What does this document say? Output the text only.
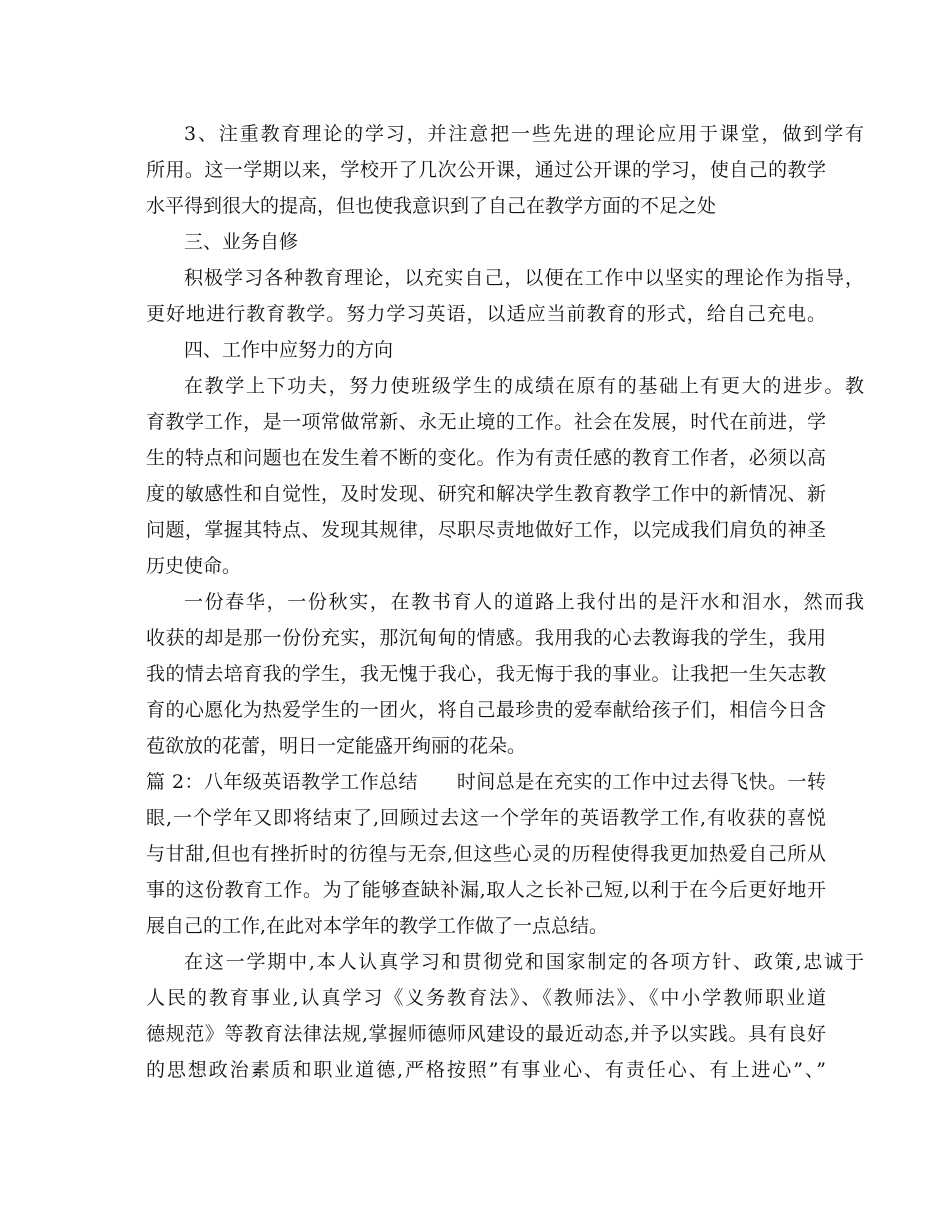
3、注重教育理论的学习，并注意把一些先进的理论应用于课堂，做到学有
所用。这一学期以来，学校开了几次公开课，通过公开课的学习，使自己的教学
水平得到很大的提高，但也使我意识到了自己在教学方面的不足之处
三、业务自修
积极学习各种教育理论，以充实自己，以便在工作中以坚实的理论作为指导，
更好地进行教育教学。努力学习英语，以适应当前教育的形式，给自己充电。
四、工作中应努力的方向
在教学上下功夫，努力使班级学生的成绩在原有的基础上有更大的进步。教
育教学工作，是一项常做常新、永无止境的工作。社会在发展，时代在前进，学
生的特点和问题也在发生着不断的变化。作为有责任感的教育工作者，必须以高
度的敏感性和自觉性，及时发现、研究和解决学生教育教学工作中的新情况、新
问题，掌握其特点、发现其规律，尽职尽责地做好工作，以完成我们肩负的神圣
历史使命。
一份春华，一份秋实，在教书育人的道路上我付出的是汗水和泪水，然而我
收获的却是那一份份充实，那沉甸甸的情感。我用我的心去教诲我的学生，我用
我的情去培育我的学生，我无愧于我心，我无悔于我的事业。让我把一生矢志教
育的心愿化为热爱学生的一团火，将自己最珍贵的爱奉献给孩子们，相信今日含
苞欲放的花蕾，明日一定能盛开绚丽的花朵。
篇 2：八年级英语教学工作总结　　时间总是在充实的工作中过去得飞快。一转
眼,一个学年又即将结束了,回顾过去这一个学年的英语教学工作,有收获的喜悦
与甘甜,但也有挫折时的彷徨与无奈,但这些心灵的历程使得我更加热爱自己所从
事的这份教育工作。为了能够查缺补漏,取人之长补己短,以利于在今后更好地开
展自己的工作,在此对本学年的教学工作做了一点总结。
在这一学期中,本人认真学习和贯彻党和国家制定的各项方针、政策,忠诚于
人民的教育事业,认真学习《义务教育法》、《教师法》、《中小学教师职业道
德规范》等教育法律法规,掌握师德师风建设的最近动态,并予以实践。具有良好
的思想政治素质和职业道德,严格按照”有事业心、有责任心、有上进心”、”
